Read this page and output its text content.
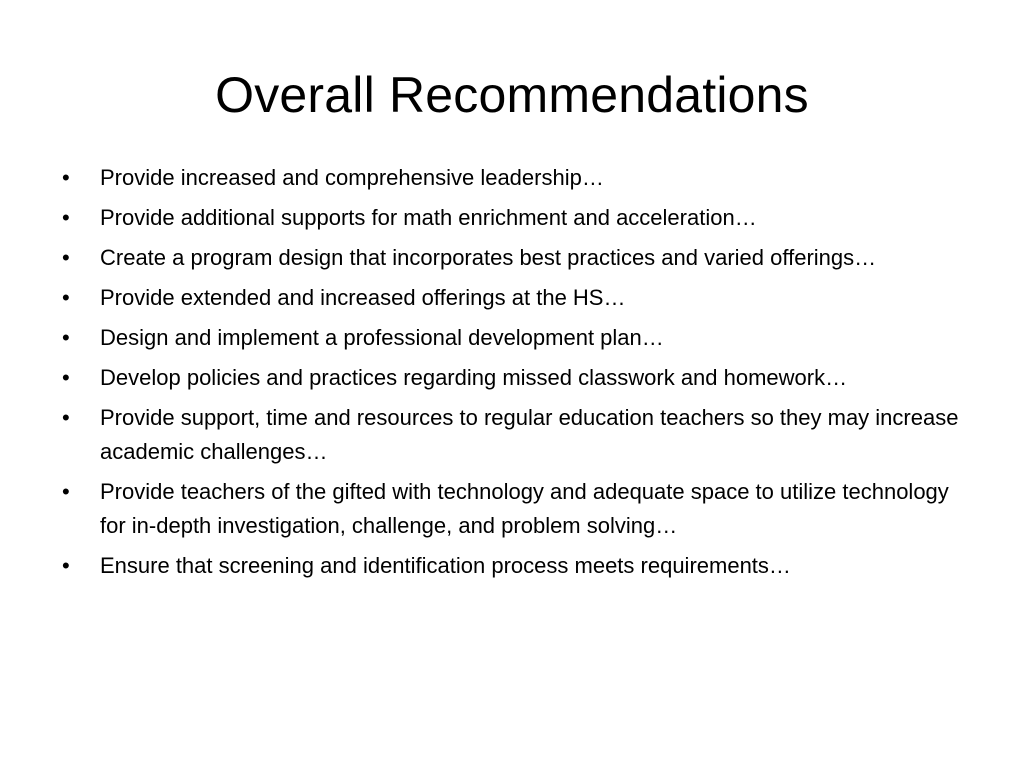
Overall Recommendations
•	Provide increased and comprehensive leadership…
•	Provide additional supports for math enrichment and acceleration…
•	Create a program design that incorporates best practices and varied offerings…
•	Provide extended and increased offerings at the HS…
•	Design and implement a professional development plan…
•	Develop policies and practices regarding missed classwork and homework…
•	Provide support, time and resources to regular education teachers so they may increase academic challenges…
•	Provide teachers of the gifted with technology and adequate space to utilize technology for in-depth investigation, challenge, and problem solving…
•	Ensure that screening and identification process meets requirements…
